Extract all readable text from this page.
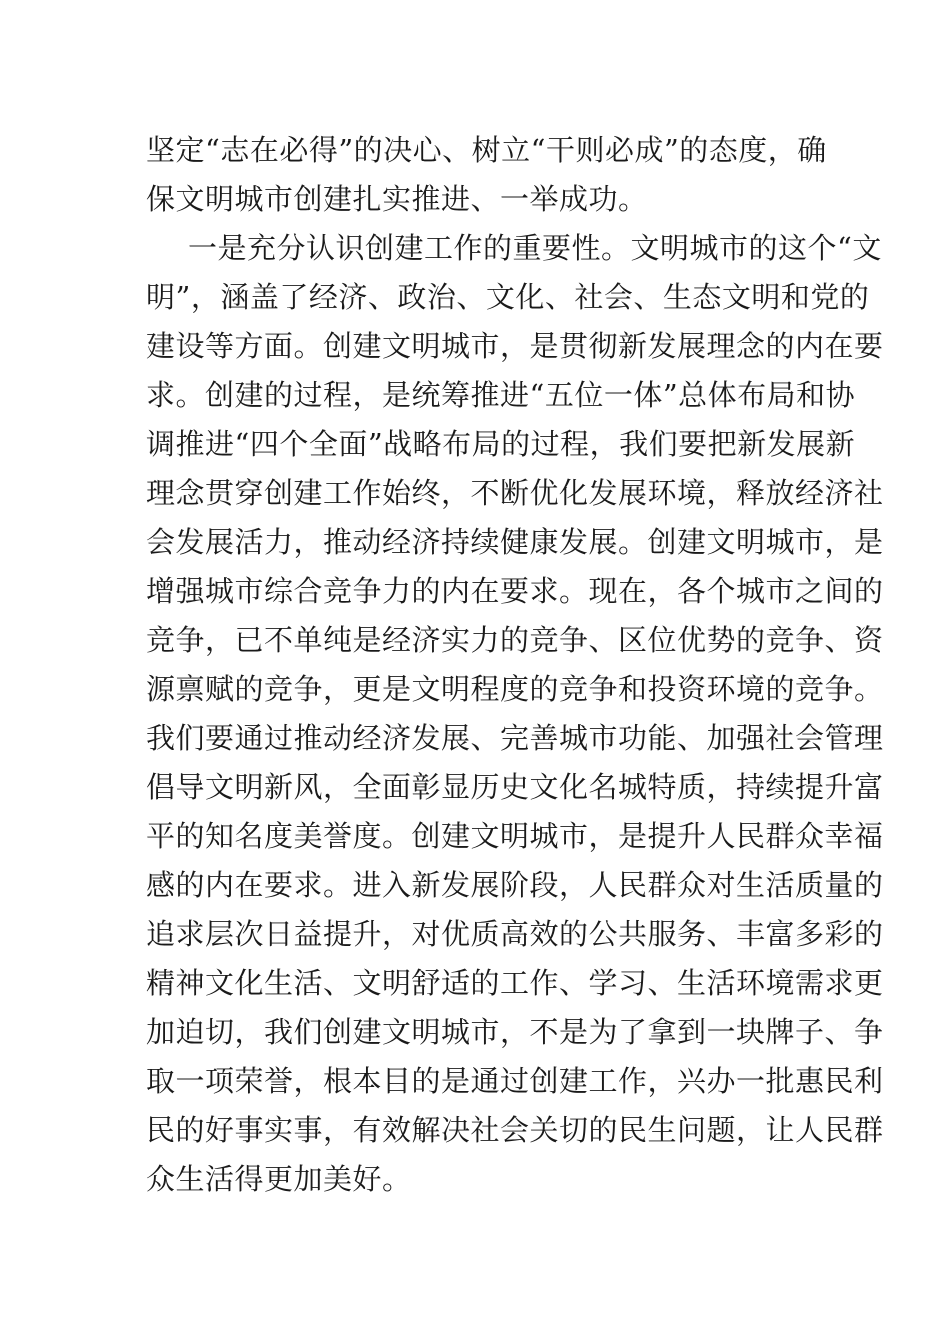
坚定“志在必得”的决心、树立“干则必成”的态度，确
保文明城市创建扎实推进、一举成功。
一是充分认识创建工作的重要性。文明城市的这个“文
明”，涵盖了经济、政治、文化、社会、生态文明和党的
建设等方面。创建文明城市，是贯彻新发展理念的内在要
求。创建的过程，是统筹推进“五位一体”总体布局和协
调推进“四个全面”战略布局的过程，我们要把新发展新
理念贯穿创建工作始终，不断优化发展环境，释放经济社
会发展活力，推动经济持续健康发展。创建文明城市，是
增强城市综合竞争力的内在要求。现在，各个城市之间的
竞争，已不单纯是经济实力的竞争、区位优势的竞争、资
源禀赋的竞争，更是文明程度的竞争和投资环境的竞争。
我们要通过推动经济发展、完善城市功能、加强社会管理
倡导文明新风，全面彰显历史文化名城特质，持续提升富
平的知名度美誉度。创建文明城市，是提升人民群众幸福
感的内在要求。进入新发展阶段，人民群众对生活质量的
追求层次日益提升，对优质高效的公共服务、丰富多彩的
精神文化生活、文明舒适的工作、学习、生活环境需求更
加迫切，我们创建文明城市，不是为了拿到一块牌子、争
取一项荣誉，根本目的是通过创建工作，兴办一批惠民利
民的好事实事，有效解决社会关切的民生问题，让人民群
众生活得更加美好。
